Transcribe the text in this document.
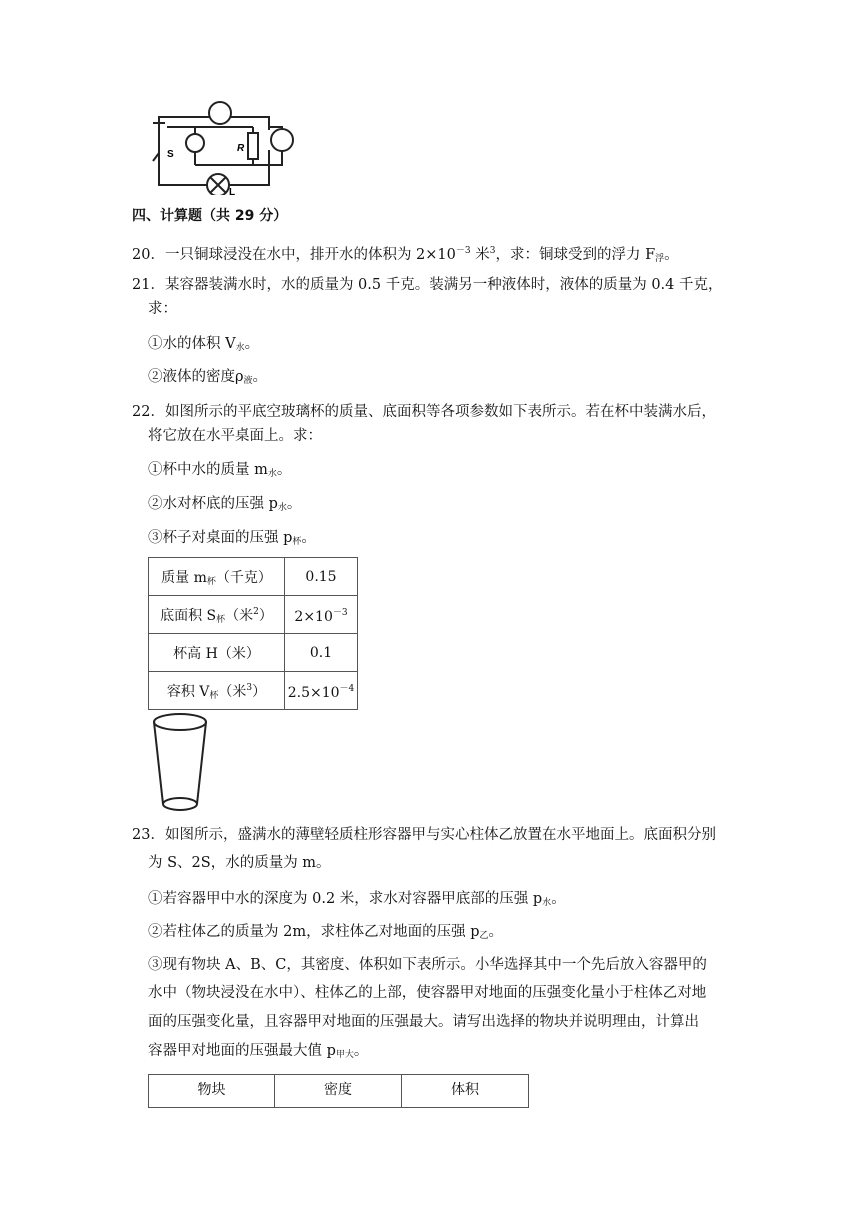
S
R
L
四、计算题（共 29 分）
20．一只铜球浸没在水中，排开水的体积为 $2\times 10^{-3}$ 米$^3$，求：铜球受到的浮力 $F_浮$。
21．某容器装满水时，水的质量为 0.5 千克。装满另一种液体时，液体的质量为 0.4 千克，
求：
①水的体积 $V_水$。
②液体的密度$\rho_液$。
22．如图所示的平底空玻璃杯的质量、底面积等各项参数如下表所示。若在杯中装满水后，
将它放在水平桌面上。求：
①杯中水的质量 $m_水$。
②水对杯底的压强 $p_水$。
③杯子对桌面的压强 $p_杯$。
质量 $m_杯$（千克）	0.15
底面积 $S_杯$（米$^2$）	$2\times 10^{-3}$
杯高 H（米）	0.1
容积 $V_杯$（米$^3$）	$2.5\times 10^{-4}$
23．如图所示，盛满水的薄壁轻质柱形容器甲与实心柱体乙放置在水平地面上。底面积分别
为 S、2S，水的质量为 m。
①若容器甲中水的深度为 0.2 米，求水对容器甲底部的压强 $p_水$。
②若柱体乙的质量为 2m，求柱体乙对地面的压强 $p_乙$。
③现有物块 A、B、C，其密度、体积如下表所示。小华选择其中一个先后放入容器甲的
水中（物块浸没在水中）、柱体乙的上部，使容器甲对地面的压强变化量小于柱体乙对地
面的压强变化量，且容器甲对地面的压强最大。请写出选择的物块并说明理由，计算出
容器甲对地面的压强最大值 $p_{甲大}$。
物块	密度	体积
